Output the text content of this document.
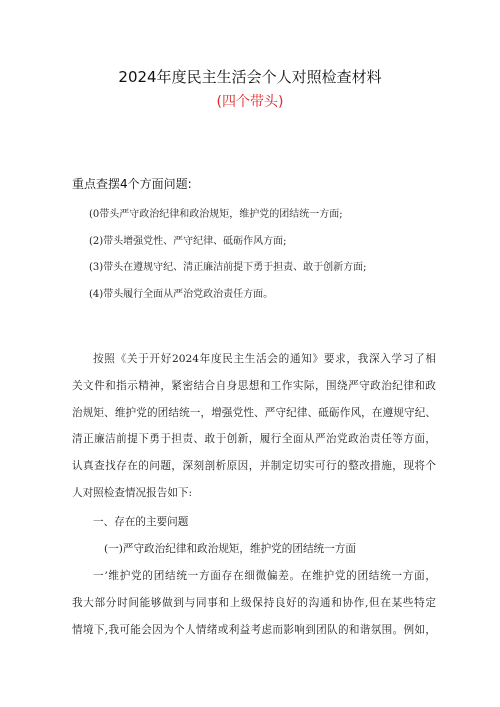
2024年度民主生活会个人对照检查材料
(四个带头)
重点查摆4个方面问题:
(0带头严守政治纪律和政治规矩，维护党的团结统一方面;
(2)带头增强党性、严守纪律、砥砺作风方面;
(3)带头在遵规守纪、清正廉洁前提下勇于担责、敢于创新方面;
(4)带头履行全面从严治党政治责任方面。
按照《关于开好2024年度民主生活会的通知》要求，我深入学习了相
关文件和指示精神，紧密结合自身思想和工作实际，围绕严守政治纪律和政
治规矩、维护党的团结统一，增强党性、严守纪律、砥砺作风，在遵规守纪、
清正廉洁前提下勇于担责、敢于创新，履行全面从严治党政治责任等方面，
认真查找存在的问题，深刻剖析原因，并制定切实可行的整改措施，现将个
人对照检查情况报告如下:
一、存在的主要问题
(一)严守政治纪律和政治规矩，维护党的团结统一方面
一’维护党的团结统一方面存在细微偏差。在维护党的团结统一方面，
我大部分时间能够做到与同事和上级保持良好的沟通和协作,但在某些特定
情境下,我可能会因为个人情绪或利益考虑而影响到团队的和谐氛围。例如，
